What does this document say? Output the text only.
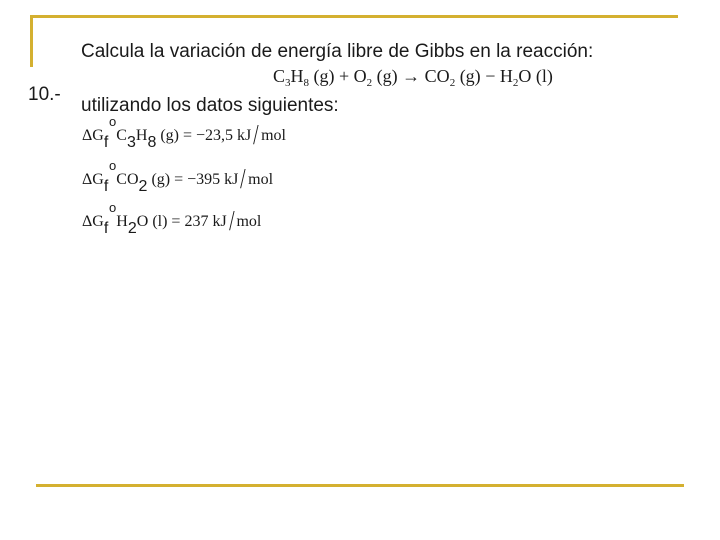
10.-
Calcula la variación de energía libre de Gibbs en la reacción:
$C_3H_8$ $(g) + O_2$ $(g) \to CO_2$ $(g) - H_2O$ (l)
utilizando los datos siguientes:
ΔG
o
f C3H8 (g) = −23,5 kJ/ mol
ΔG
o
f CO2 (g) = −395 kJ/ mol
ΔG
o
f H2O (l) = 237 kJ/ mol
